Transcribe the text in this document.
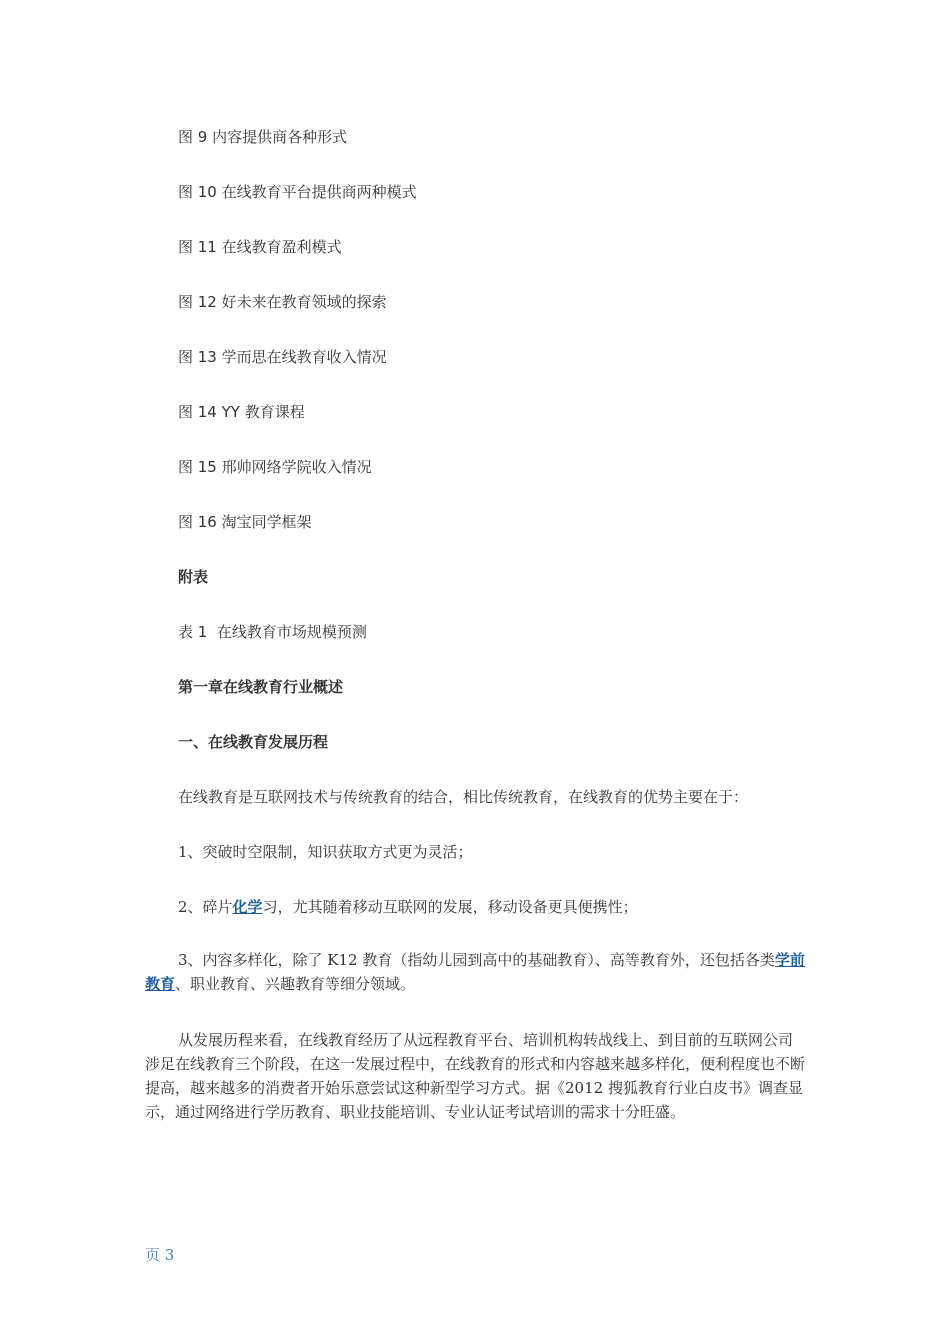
图 9 内容提供商各种形式

图 10 在线教育平台提供商两种模式

图 11 在线教育盈利模式

图 12 好未来在教育领域的探索

图 13 学而思在线教育收入情况

图 14 YY 教育课程

图 15 邢帅网络学院收入情况

图 16 淘宝同学框架

附表

表 1  在线教育市场规模预测

第一章在线教育行业概述

一、在线教育发展历程

在线教育是互联网技术与传统教育的结合，相比传统教育，在线教育的优势主要在于：

1、突破时空限制，知识获取方式更为灵活；

2、碎片化学习，尤其随着移动互联网的发展，移动设备更具便携性；

3、内容多样化，除了 K12 教育（指幼儿园到高中的基础教育）、高等教育外，还包括各类学前教育、职业教育、兴趣教育等细分领域。

从发展历程来看，在线教育经历了从远程教育平台、培训机构转战线上、到目前的互联网公司涉足在线教育三个阶段，在这一发展过程中，在线教育的形式和内容越来越多样化，便利程度也不断提高，越来越多的消费者开始乐意尝试这种新型学习方式。据《2012 搜狐教育行业白皮书》调查显示，通过网络进行学历教育、职业技能培训、专业认证考试培训的需求十分旺盛。

页 3
